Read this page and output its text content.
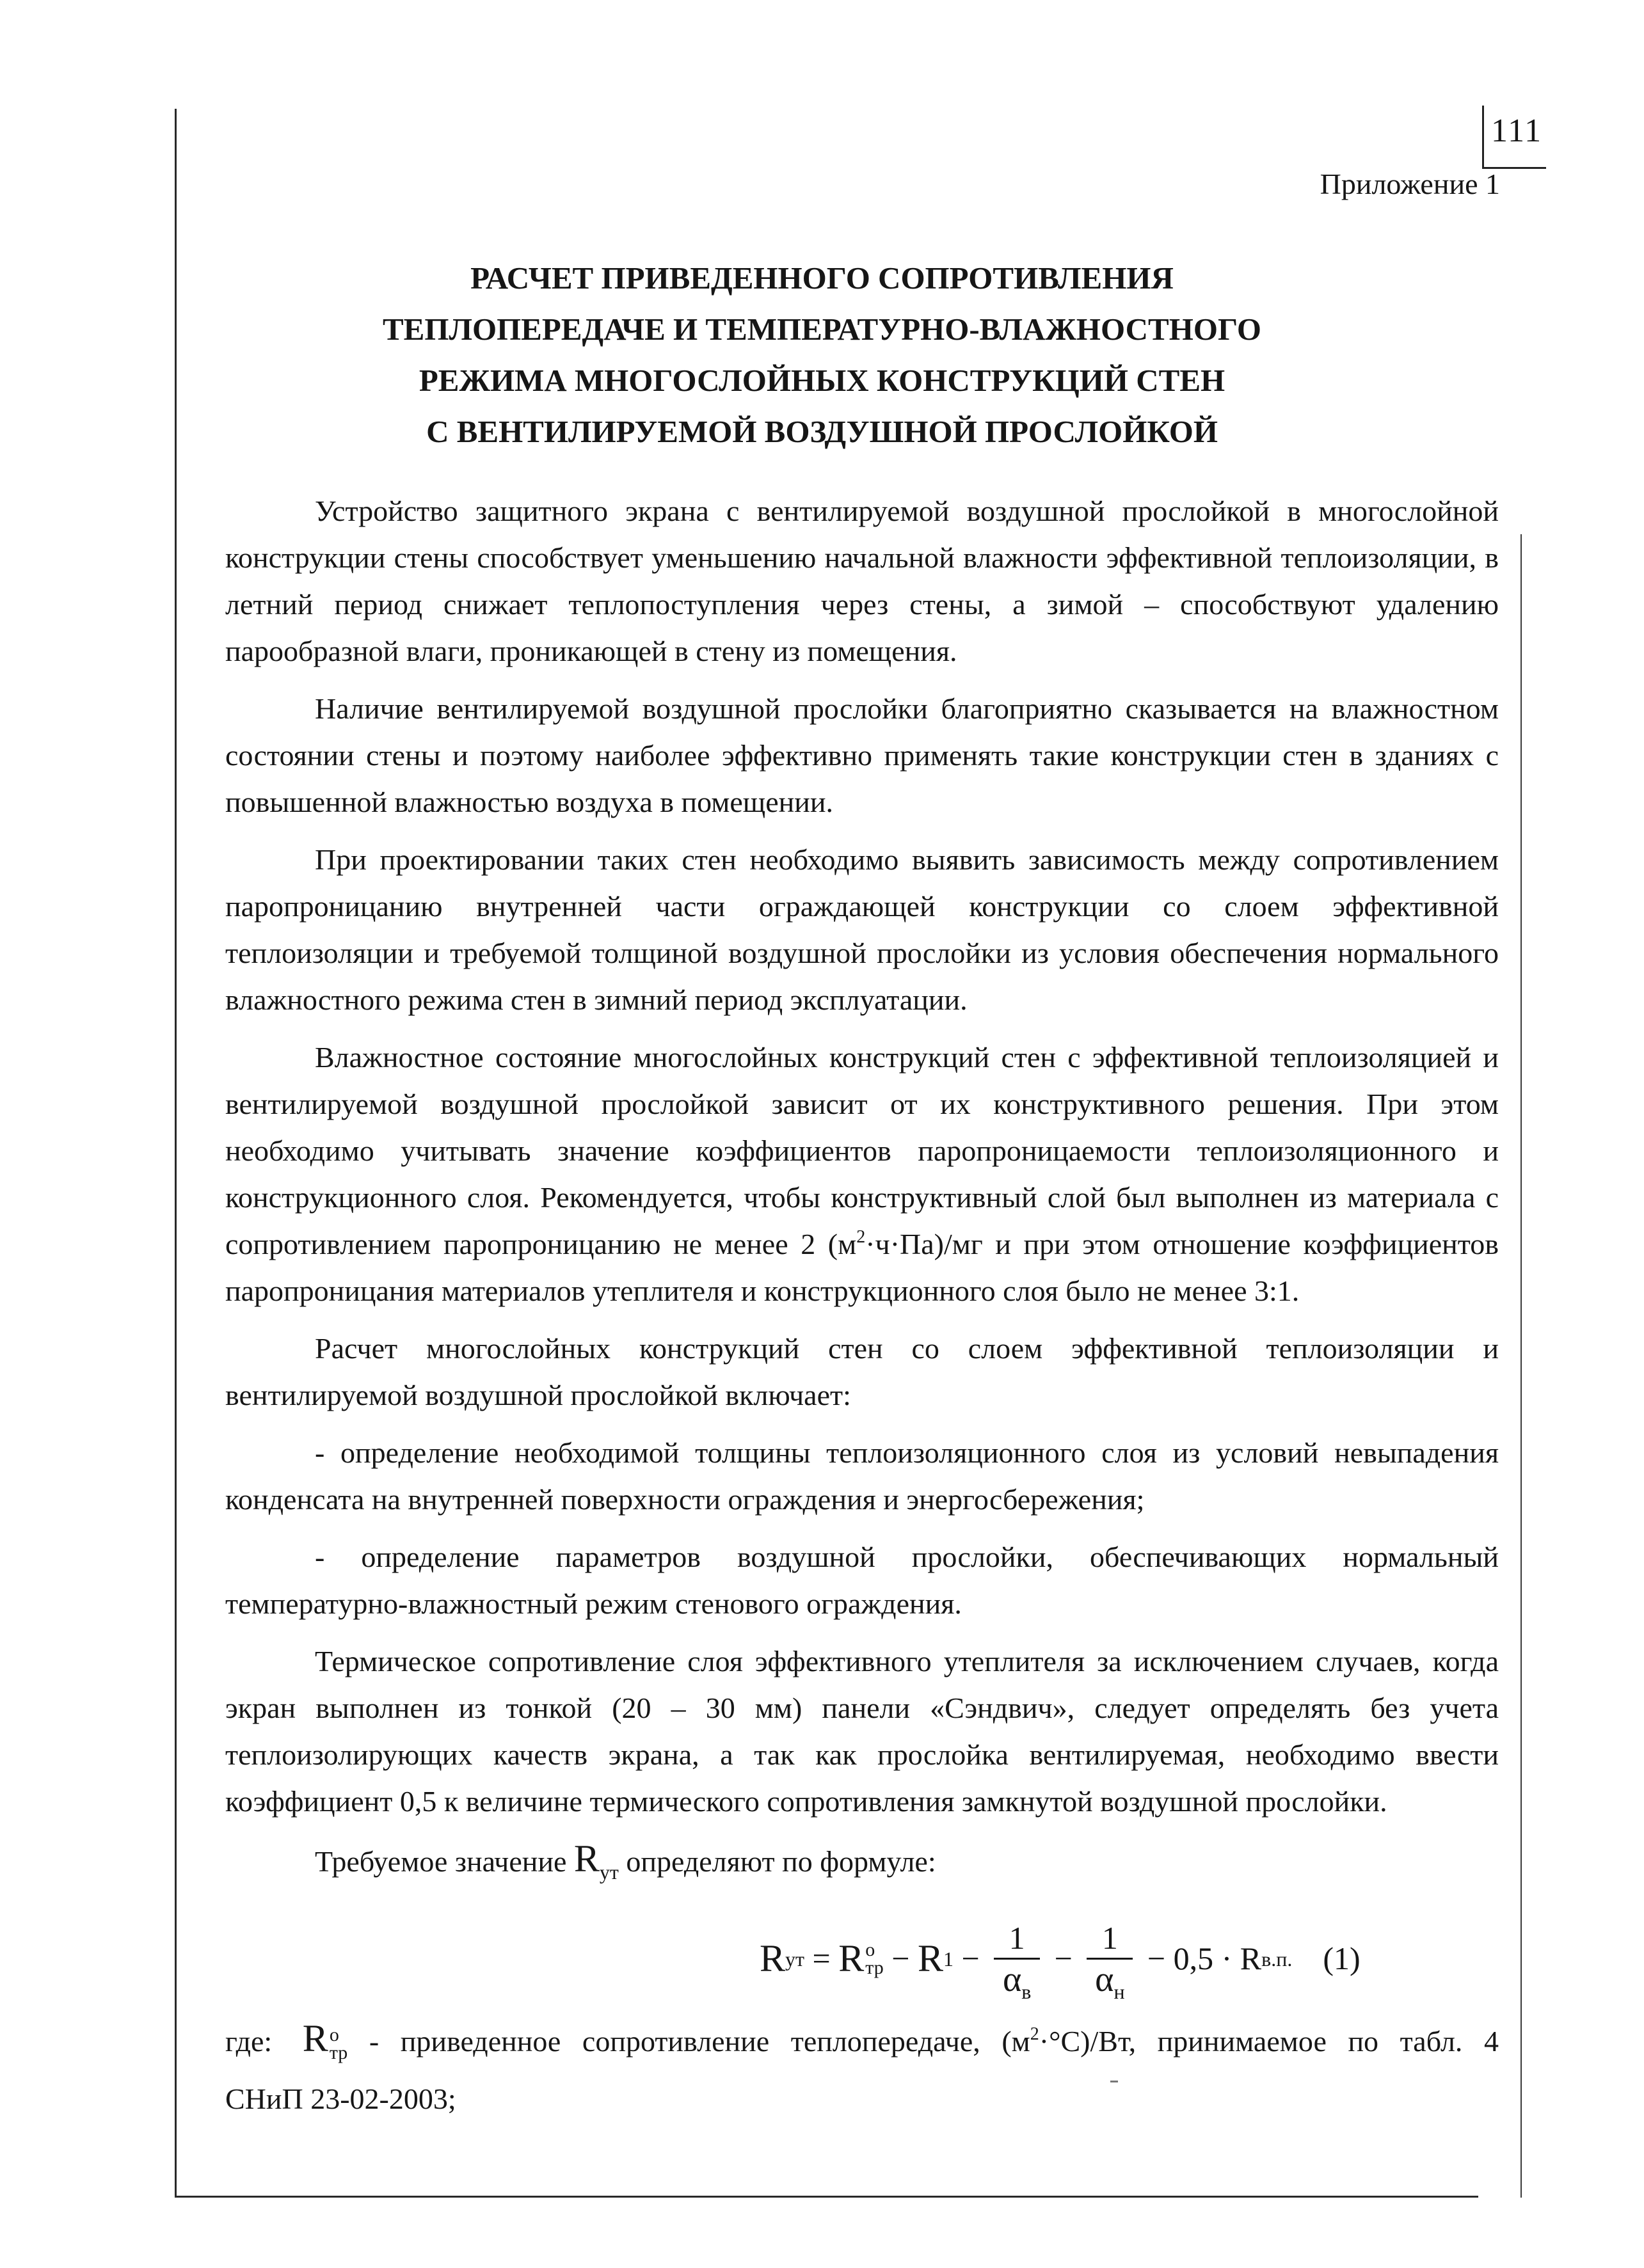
111
Приложение 1
РАСЧЕТ ПРИВЕДЕННОГО СОПРОТИВЛЕНИЯ
ТЕПЛОПЕРЕДАЧЕ И ТЕМПЕРАТУРНО-ВЛАЖНОСТНОГО
РЕЖИМА МНОГОСЛОЙНЫХ КОНСТРУКЦИЙ СТЕН
С ВЕНТИЛИРУЕМОЙ ВОЗДУШНОЙ ПРОСЛОЙКОЙ

Устройство защитного экрана с вентилируемой воздушной прослойкой в многослойной конструкции стены способствует уменьшению начальной влажности эффективной теплоизоляции, в летний период снижает теплопоступления через стены, а зимой – способствуют удалению парообразной влаги, проникающей в стену из помещения.

Наличие вентилируемой воздушной прослойки благоприятно сказывается на влажностном состоянии стены и поэтому наиболее эффективно применять такие конструкции стен в зданиях с повышенной влажностью воздуха в помещении.

При проектировании таких стен необходимо выявить зависимость между сопротивлением паропроницанию внутренней части ограждающей конструкции со слоем эффективной теплоизоляции и требуемой толщиной воздушной прослойки из условия обеспечения нормального влажностного режима стен в зимний период эксплуатации.

Влажностное состояние многослойных конструкций стен с эффективной теплоизоляцией и вентилируемой воздушной прослойкой зависит от их конструктивного решения. При этом необходимо учитывать значение коэффициентов паропроницаемости теплоизоляционного и конструкционного слоя. Рекомендуется, чтобы конструктивный слой был выполнен из материала с сопротивлением паропроницанию не менее 2 $(м^2\cdot ч\cdot Па)/мг$ и при этом отношение коэффициентов паропроницания материалов утеплителя и конструкционного слоя было не менее 3:1.

Расчет многослойных конструкций стен со слоем эффективной теплоизоляции и вентилируемой воздушной прослойкой включает:

- определение необходимой толщины теплоизоляционного слоя из условий невыпадения конденсата на внутренней поверхности ограждения и энергосбережения;

- определение параметров воздушной прослойки, обеспечивающих нормальный температурно-влажностный режим стенового ограждения.

Термическое сопротивление слоя эффективного утеплителя за исключением случаев, когда экран выполнен из тонкой (20 – 30 мм) панели «Сэндвич», следует определять без учета теплоизолирующих качеств экрана, а так как прослойка вентилируемая, необходимо ввести коэффициент 0,5 к величине термического сопротивления замкнутой воздушной прослойки.

Требуемое значение $R_{ут}$ определяют по формуле:
R ут = R о
тр − R $1 - \frac{1}{\alpha_в} - \frac{1}{\alpha_н} - 0,5 \cdot R$ в.п. (1)
где: R о
тр - приведенное сопротивление теплопередаче, $(м^2\cdot^\circ С)/Вт$, принимаемое по табл. 4
СНиП 23-02-2003;
